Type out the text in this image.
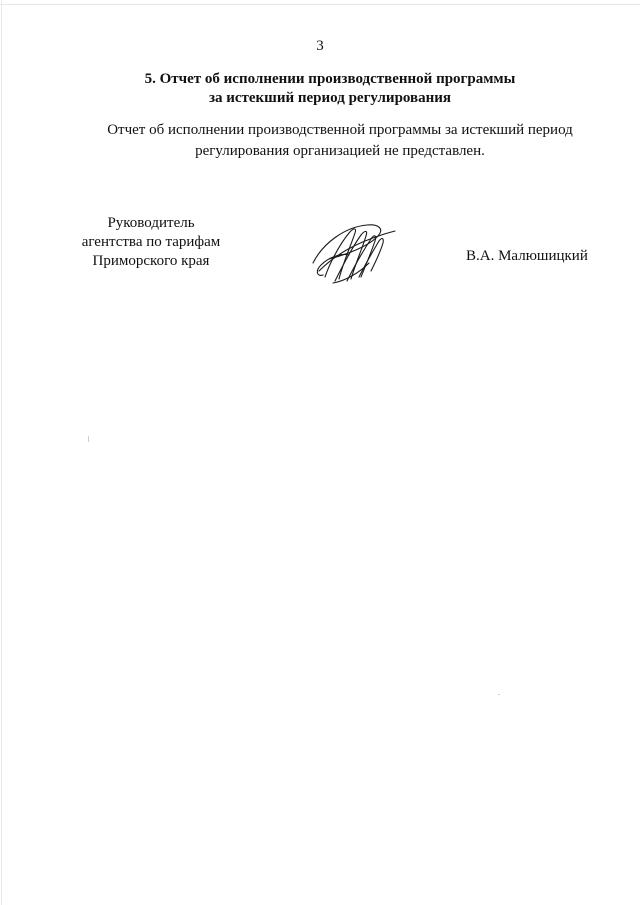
3
5. Отчет об исполнении производственной программы
за истекший период регулирования
Отчет об исполнении производственной программы за истекший период
регулирования организацией не представлен.
Руководитель
агентства по тарифам
Приморского края	В.А. Малюшицкий
